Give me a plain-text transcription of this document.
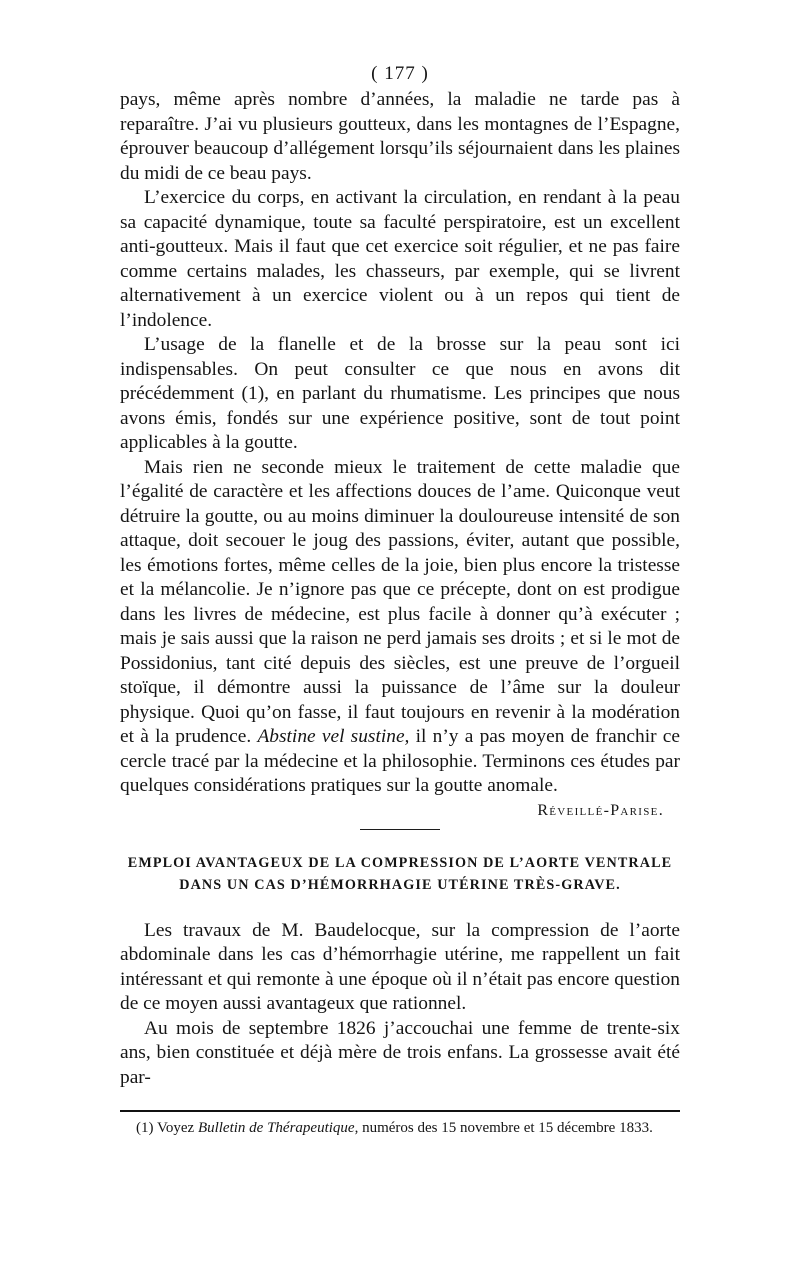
( 177 )

pays, même après nombre d’années, la maladie ne tarde pas à reparaître. J’ai vu plusieurs goutteux, dans les montagnes de l’Espagne, éprouver beaucoup d’allégement lorsqu’ils séjournaient dans les plaines du midi de ce beau pays.

L’exercice du corps, en activant la circulation, en rendant à la peau sa capacité dynamique, toute sa faculté perspiratoire, est un excellent anti-goutteux. Mais il faut que cet exercice soit régulier, et ne pas faire comme certains malades, les chasseurs, par exemple, qui se livrent alternativement à un exercice violent ou à un repos qui tient de l’indolence.

L’usage de la flanelle et de la brosse sur la peau sont ici indispensables. On peut consulter ce que nous en avons dit précédemment (1), en parlant du rhumatisme. Les principes que nous avons émis, fondés sur une expérience positive, sont de tout point applicables à la goutte.

Mais rien ne seconde mieux le traitement de cette maladie que l’égalité de caractère et les affections douces de l’ame. Quiconque veut détruire la goutte, ou au moins diminuer la douloureuse intensité de son attaque, doit secouer le joug des passions, éviter, autant que possible, les émotions fortes, même celles de la joie, bien plus encore la tristesse et la mélancolie. Je n’ignore pas que ce précepte, dont on est prodigue dans les livres de médecine, est plus facile à donner qu’à exécuter ; mais je sais aussi que la raison ne perd jamais ses droits ; et si le mot de Possidonius, tant cité depuis des siècles, est une preuve de l’orgueil stoïque, il démontre aussi la puissance de l’âme sur la douleur physique. Quoi qu’on fasse, il faut toujours en revenir à la modération et à la prudence. Abstine vel sustine, il n’y a pas moyen de franchir ce cercle tracé par la médecine et la philosophie. Terminons ces études par quelques considérations pratiques sur la goutte anomale.

Réveillé-Parise.
EMPLOI AVANTAGEUX DE LA COMPRESSION DE L’AORTE VENTRALE
DANS UN CAS D’HÉMORRHAGIE UTÉRINE TRÈS-GRAVE.

Les travaux de M. Baudelocque, sur la compression de l’aorte abdominale dans les cas d’hémorrhagie utérine, me rappellent un fait intéressant et qui remonte à une époque où il n’était pas encore question de ce moyen aussi avantageux que rationnel.

Au mois de septembre 1826 j’accouchai une femme de trente-six ans, bien constituée et déjà mère de trois enfans. La grossesse avait été par-

(1) Voyez Bulletin de Thérapeutique, numéros des 15 novembre et 15 décembre 1833.
